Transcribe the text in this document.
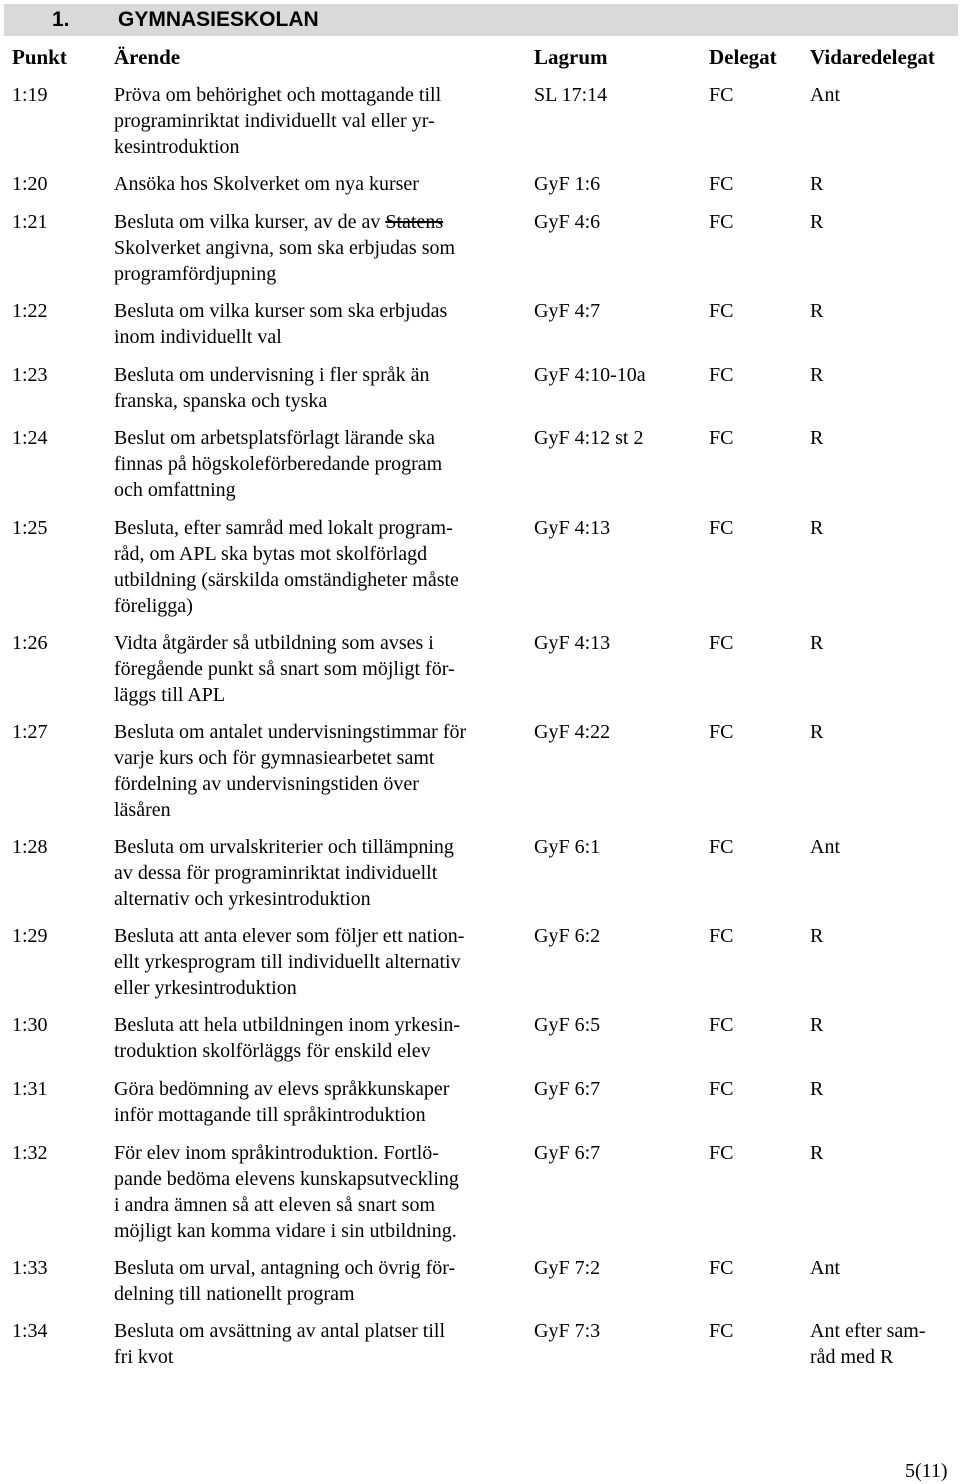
1. GYMNASIESKOLAN
Punkt Ärende	Lagrum	Delegat Vidaredelegat
1:19	Pröva om behörighet och mottagande till
programinriktat individuellt val eller yr-
kesintroduktion
SL 17:14	FC	Ant
1:20	Ansöka hos Skolverket om nya kurser	GyF 1:6	FC	R
1:21	Besluta om vilka kurser, av de av Statens
Skolverket angivna, som ska erbjudas som
programfördjupning
GyF 4:6	FC	R
1:22	Besluta om vilka kurser som ska erbjudas
inom individuellt val
GyF 4:7	FC	R
1:23	Besluta om undervisning i fler språk än
franska, spanska och tyska
GyF 4:10-10a	FC	R
1:24	Beslut om arbetsplatsförlagt lärande ska
finnas på högskoleförberedande program
och omfattning
GyF 4:12 st 2	FC	R
1:25	Besluta, efter samråd med lokalt program-
råd, om APL ska bytas mot skolförlagd
utbildning (särskilda omständigheter måste
föreligga)
GyF 4:13	FC	R
1:26	Vidta åtgärder så utbildning som avses i
föregående punkt så snart som möjligt för-
läggs till APL
GyF 4:13	FC	R
1:27	Besluta om antalet undervisningstimmar för
varje kurs och för gymnasiearbetet samt
fördelning av undervisningstiden över
läsåren
GyF 4:22	FC	R
1:28	Besluta om urvalskriterier och tillämpning
av dessa för programinriktat individuellt
alternativ och yrkesintroduktion
GyF 6:1	FC	Ant
1:29	Besluta att anta elever som följer ett nation-
ellt yrkesprogram till individuellt alternativ
eller yrkesintroduktion
GyF 6:2	FC	R
1:30	Besluta att hela utbildningen inom yrkesin-
troduktion skolförläggs för enskild elev
GyF 6:5	FC	R
1:31	Göra bedömning av elevs språkkunskaper
inför mottagande till språkintroduktion
GyF 6:7	FC	R
1:32	För elev inom språkintroduktion. Fortlö-
pande bedöma elevens kunskapsutveckling
i andra ämnen så att eleven så snart som
möjligt kan komma vidare i sin utbildning.
GyF 6:7	FC	R
1:33	Besluta om urval, antagning och övrig för-
delning till nationellt program
GyF 7:2	FC	Ant
1:34	Besluta om avsättning av antal platser till
fri kvot
GyF 7:3	FC	Ant efter sam-
råd med R
5(11)
